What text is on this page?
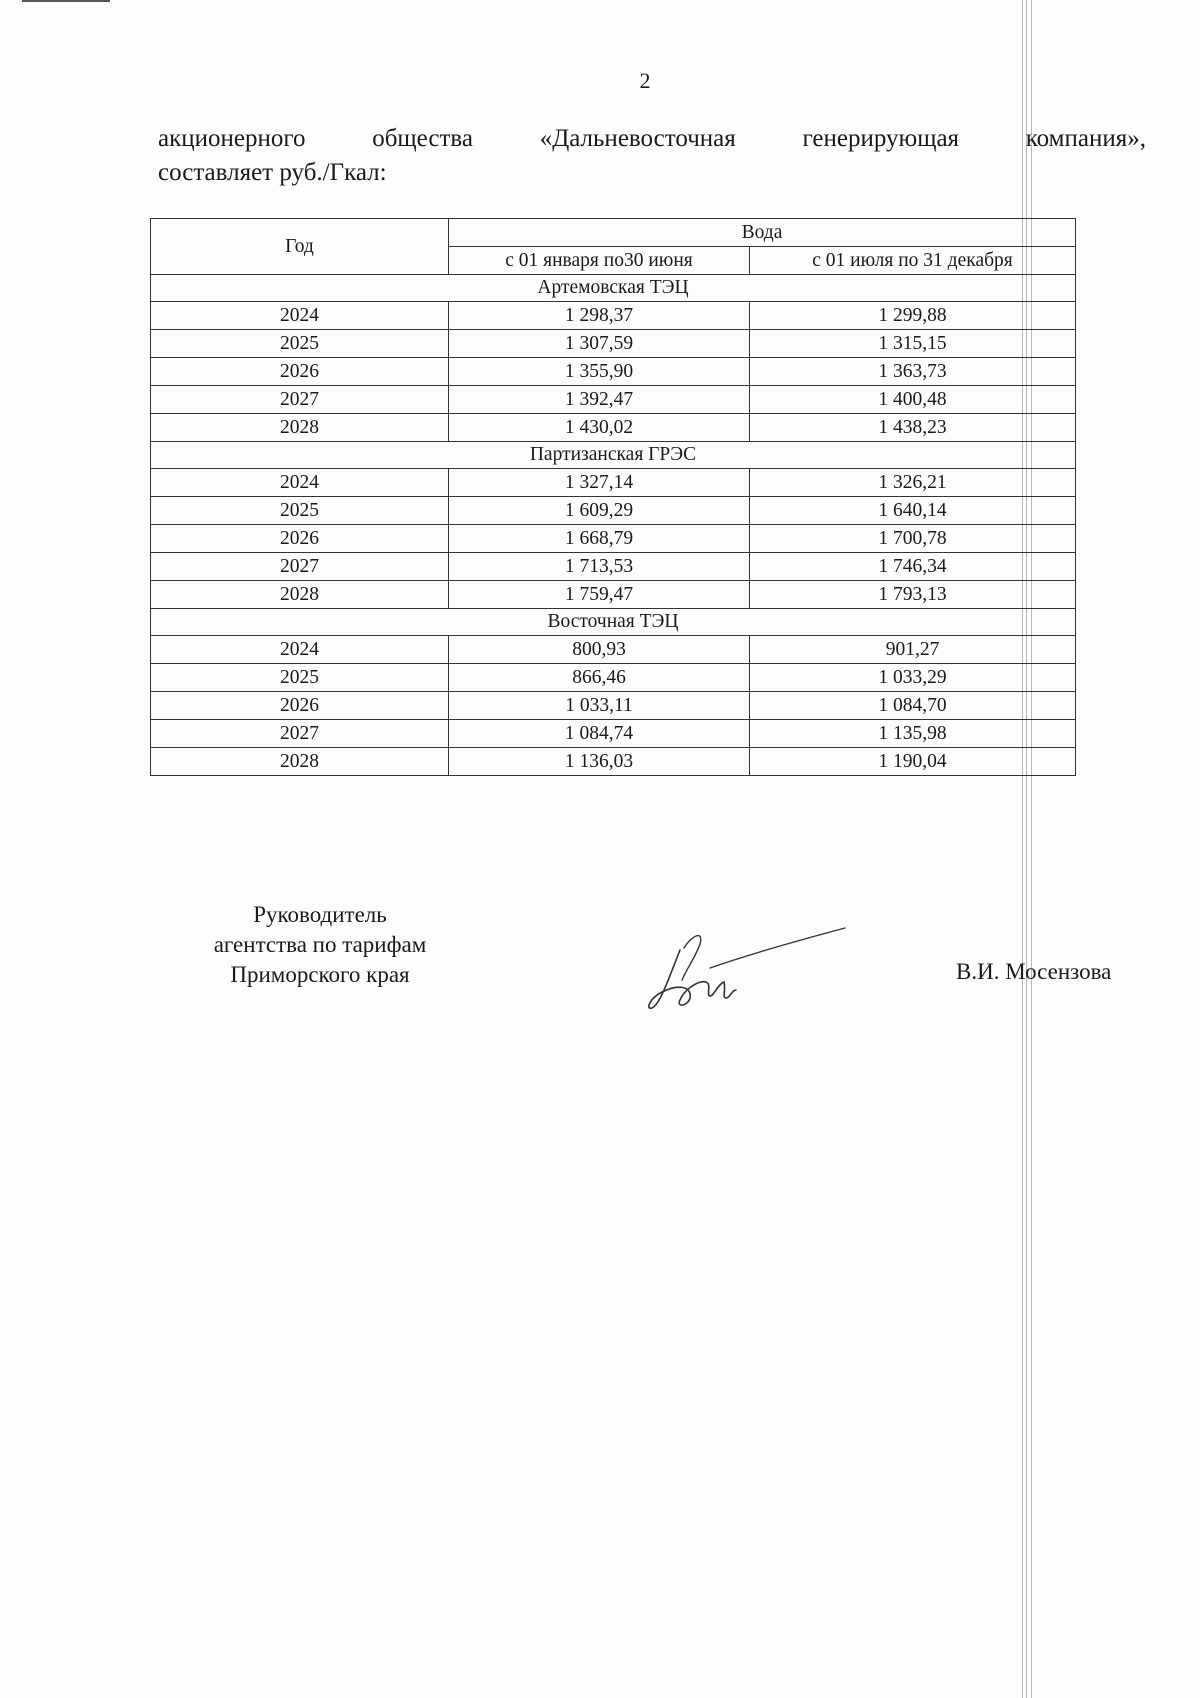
2
акционерного	общества	«Дальневосточная	генерирующая	компания»,
составляет руб./Гкал:
Год	Вода	
	с 01 января по30 июня	с 01 июля по 31 декабря
Артемовская ТЭЦ		
2024	1 298,37	1 299,88
2025	1 307,59	1 315,15
2026	1 355,90	1 363,73
2027	1 392,47	1 400,48
2028	1 430,02	1 438,23
Партизанская ГРЭС		
2024	1 327,14	1 326,21
2025	1 609,29	1 640,14
2026	1 668,79	1 700,78
2027	1 713,53	1 746,34
2028	1 759,47	1 793,13
Восточная ТЭЦ		
2024	800,93	901,27
2025	866,46	1 033,29
2026	1 033,11	1 084,70
2027	1 084,74	1 135,98
2028	1 136,03	1 190,04
Руководитель
агентства по тарифам
Приморского края	В.И. Мосензова
